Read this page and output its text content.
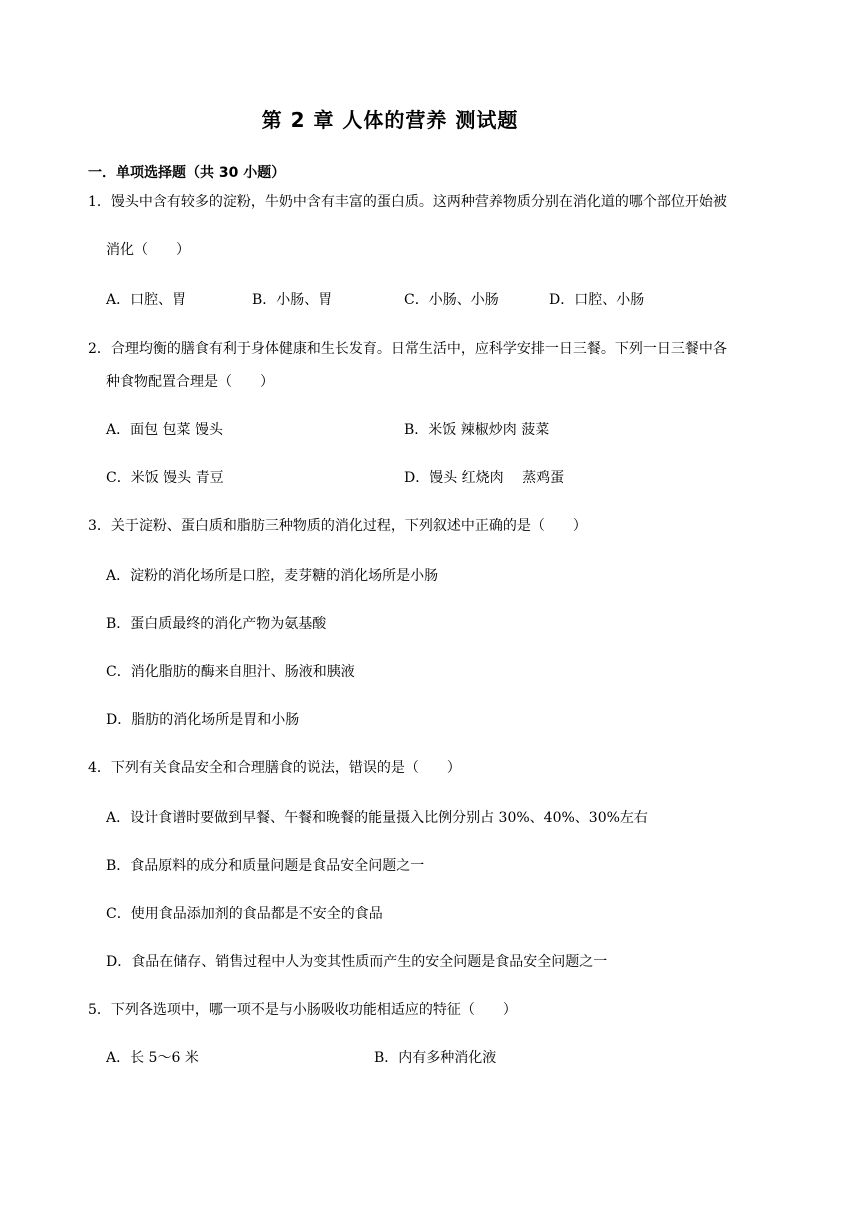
第 2 章 人体的营养 测试题
一．单项选择题（共 30 小题）
1．馒头中含有较多的淀粉，牛奶中含有丰富的蛋白质。这两种营养物质分别在消化道的哪个部位开始被
消化（　　）
A．口腔、胃	B．小肠、胃	C．小肠、小肠	D．口腔、小肠
2．合理均衡的膳食有利于身体健康和生长发育。日常生活中，应科学安排一日三餐。下列一日三餐中各
种食物配置合理是（　　）
A．面包 包菜 馒头	B．米饭 辣椒炒肉 菠菜
C．米饭 馒头 青豆	D．馒头 红烧肉　 蒸鸡蛋
3．关于淀粉、蛋白质和脂肪三种物质的消化过程，下列叙述中正确的是（　　）
A．淀粉的消化场所是口腔，麦芽糖的消化场所是小肠
B．蛋白质最终的消化产物为氨基酸
C．消化脂肪的酶来自胆汁、肠液和胰液
D．脂肪的消化场所是胃和小肠
4．下列有关食品安全和合理膳食的说法，错误的是（　　）
A．设计食谱时要做到早餐、午餐和晚餐的能量摄入比例分别占 30%、40%、30%左右
B．食品原料的成分和质量问题是食品安全问题之一
C．使用食品添加剂的食品都是不安全的食品
D．食品在储存、销售过程中人为变其性质而产生的安全问题是食品安全问题之一
5．下列各选项中，哪一项不是与小肠吸收功能相适应的特征（　　）
A．长 5～6 米	B．内有多种消化液
